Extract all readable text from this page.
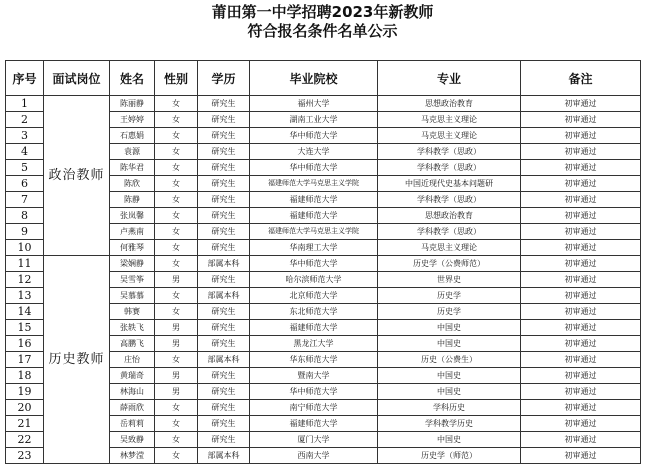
莆田第一中学招聘2023年新教师
符合报名条件名单公示
序号	面试岗位	姓名	性别	学历	毕业院校	专业	备注
1	政治教师	陈丽静	女	研究生	福州大学	思想政治教育	初审通过
2		王婷婷	女	研究生	湖南工业大学	马克思主义理论	初审通过
3		石惠娟	女	研究生	华中师范大学	马克思主义理论	初审通过
4		袁源	女	研究生	大连大学	学科教学（思政）	初审通过
5		陈华君	女	研究生	华中师范大学	学科教学（思政）	初审通过
6		陈欣	女	研究生	福建师范大学马克思主义学院	中国近现代史基本问题研	初审通过
7		陈静	女	研究生	福建师范大学	学科教学（思政）	初审通过
8		张岚馨	女	研究生	福建师范大学	思想政治教育	初审通过
9		卢燕南	女	研究生	福建师范大学马克思主义学院	学科教学（思政）	初审通过
10		何雅琴	女	研究生	华南理工大学	马克思主义理论	初审通过
11	历史教师	梁娴静	女	部属本科	华中师范大学	历史学（公费师范）	初审通过
12		吴雪筝	男	研究生	哈尔滨师范大学	世界史	初审通过
13		吴慕慕	女	部属本科	北京师范大学	历史学	初审通过
14		韩赛	女	研究生	东北师范大学	历史学	初审通过
15		张轶飞	男	研究生	福建师范大学	中国史	初审通过
16		高鹏飞	男	研究生	黑龙江大学	中国史	初审通过
17		庄怡	女	部属本科	华东师范大学	历史（公费生）	初审通过
18		黄瑞奇	男	研究生	暨南大学	中国史	初审通过
19		林海山	男	研究生	华中师范大学	中国史	初审通过
20		薛雨欣	女	研究生	南宁师范大学	学科历史	初审通过
21		岳莉莉	女	研究生	福建师范大学	学科教学历史	初审通过
22		吴致静	女	研究生	厦门大学	中国史	初审通过
23		林梦滢	女	部属本科	西南大学	历史学（师范）	初审通过
